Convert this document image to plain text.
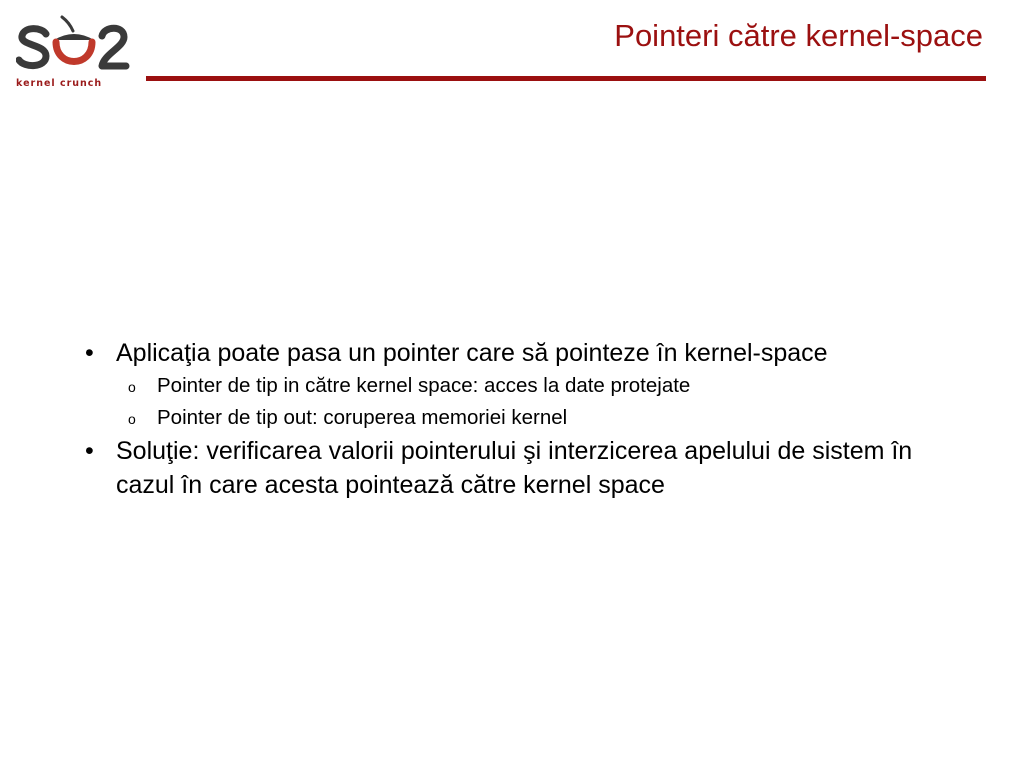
kernel crunch
Pointeri către kernel-space
• Aplicaţia poate pasa un pointer care să pointeze în kernel-space
o Pointer de tip in către kernel space: acces la date protejate
o Pointer de tip out: coruperea memoriei kernel
• Soluţie: verificarea valorii pointerului şi interzicerea apelului de sistem în cazul în care acesta pointează către kernel space
